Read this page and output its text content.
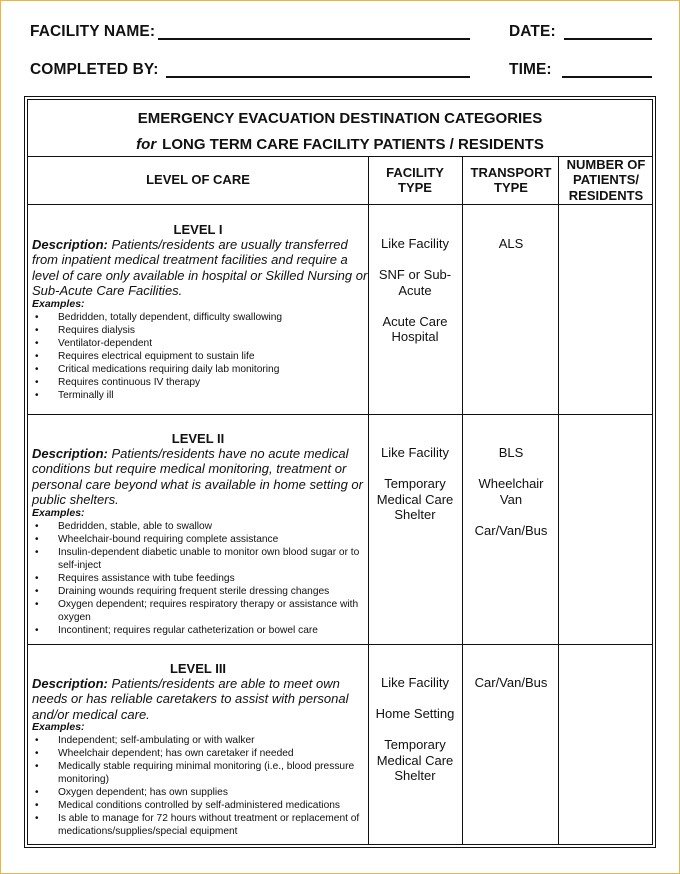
FACILITY NAME:	DATE:
COMPLETED BY:	TIME:
EMERGENCY EVACUATION DESTINATION CATEGORIES
for LONG TERM CARE FACILITY PATIENTS / RESIDENTS
LEVEL OF CARE
FACILITY TYPE
TRANSPORT TYPE
NUMBER OF PATIENTS/ RESIDENTS
LEVEL I
Description: Patients/residents are usually transferred from inpatient medical treatment facilities and require a level of care only available in hospital or Skilled Nursing or Sub-Acute Care Facilities.
Examples:
• Bedridden, totally dependent, difficulty swallowing
• Requires dialysis
• Ventilator-dependent
• Requires electrical equipment to sustain life
• Critical medications requiring daily lab monitoring
• Requires continuous IV therapy
• Terminally ill
Like Facility
SNF or Sub-Acute
Acute Care Hospital
ALS
LEVEL II
Description: Patients/residents have no acute medical conditions but require medical monitoring, treatment or personal care beyond what is available in home setting or public shelters.
Examples:
• Bedridden, stable, able to swallow
• Wheelchair-bound requiring complete assistance
• Insulin-dependent diabetic unable to monitor own blood sugar or to self-inject
• Requires assistance with tube feedings
• Draining wounds requiring frequent sterile dressing changes
• Oxygen dependent; requires respiratory therapy or assistance with oxygen
• Incontinent; requires regular catheterization or bowel care
Like Facility
Temporary Medical Care Shelter
BLS
Wheelchair Van
Car/Van/Bus
LEVEL III
Description: Patients/residents are able to meet own needs or has reliable caretakers to assist with personal and/or medical care.
Examples:
• Independent; self-ambulating or with walker
• Wheelchair dependent; has own caretaker if needed
• Medically stable requiring minimal monitoring (i.e., blood pressure monitoring)
• Oxygen dependent; has own supplies
• Medical conditions controlled by self-administered medications
• Is able to manage for 72 hours without treatment or replacement of medications/supplies/special equipment
Like Facility
Home Setting
Temporary Medical Care Shelter
Car/Van/Bus
